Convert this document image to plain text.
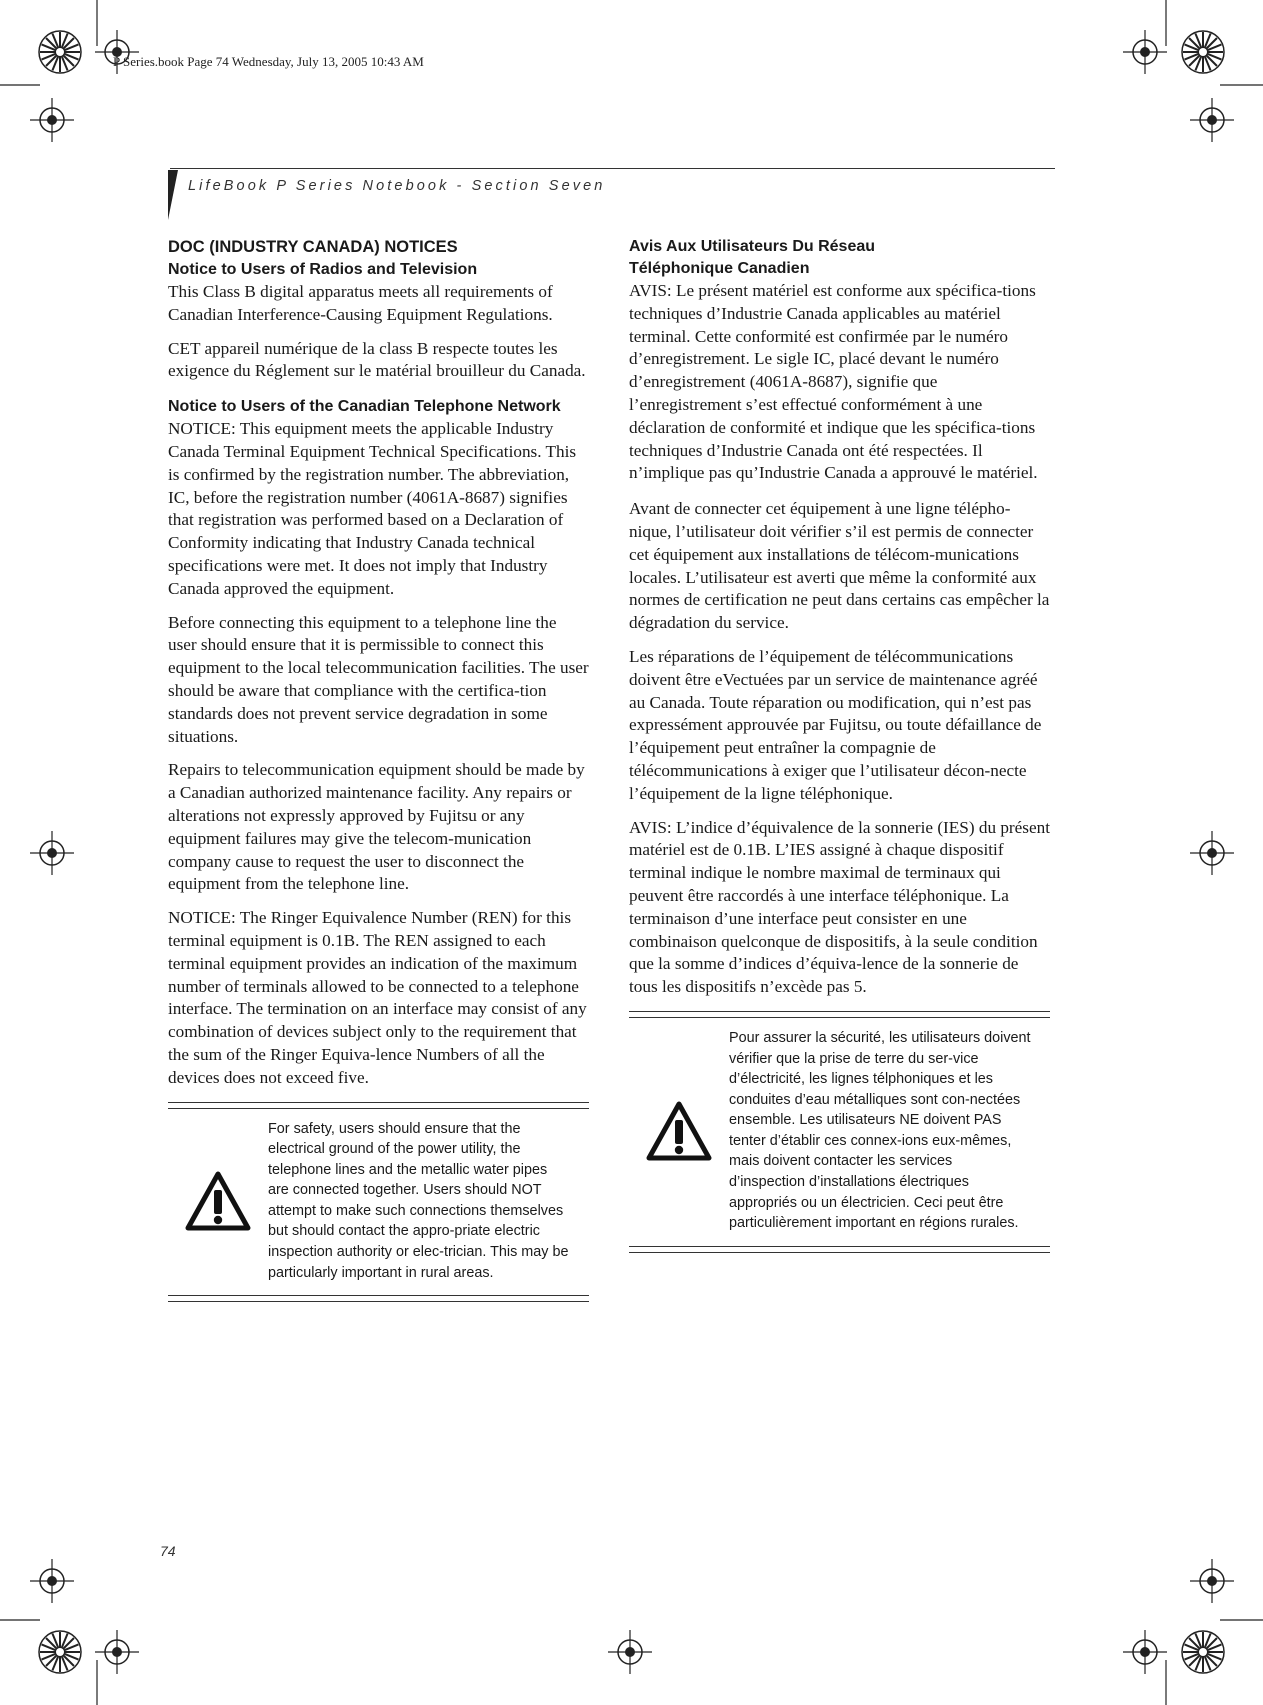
P Series.book Page 74 Wednesday, July 13, 2005 10:43 AM
LifeBook P Series Notebook - Section Seven
DOC (INDUSTRY CANADA) NOTICES
Notice to Users of Radios and Television

This Class B digital apparatus meets all requirements of Canadian Interference-Causing Equipment Regulations.

CET appareil numérique de la class B respecte toutes les exigence du Réglement sur le matérial brouilleur du Canada.

Notice to Users of the Canadian Telephone Network

NOTICE: This equipment meets the applicable Industry Canada Terminal Equipment Technical Specifications. This is confirmed by the registration number. The abbreviation, IC, before the registration number (4061A-8687) signifies that registration was performed based on a Declaration of Conformity indicating that Industry Canada technical specifications were met. It does not imply that Industry Canada approved the equipment.

Before connecting this equipment to a telephone line the user should ensure that it is permissible to connect this equipment to the local telecommunication facilities. The user should be aware that compliance with the certifica-tion standards does not prevent service degradation in some situations.

Repairs to telecommunication equipment should be made by a Canadian authorized maintenance facility. Any repairs or alterations not expressly approved by Fujitsu or any equipment failures may give the telecom-munication company cause to request the user to disconnect the equipment from the telephone line.

NOTICE: The Ringer Equivalence Number (REN) for this terminal equipment is 0.1B. The REN assigned to each terminal equipment provides an indication of the maximum number of terminals allowed to be connected to a telephone interface. The termination on an interface may consist of any combination of devices subject only to the requirement that the sum of the Ringer Equiva-lence Numbers of all the devices does not exceed five.

For safety, users should ensure that the electrical ground of the power utility, the telephone lines and the metallic water pipes are connected together. Users should NOT attempt to make such connections themselves but should contact the appro-priate electric inspection authority or elec-trician. This may be particularly important in rural areas.
Avis Aux Utilisateurs Du Réseau
Téléphonique Canadien

AVIS: Le présent matériel est conforme aux spécifica-tions techniques d’Industrie Canada applicables au matériel terminal. Cette conformité est confirmée par le numéro d’enregistrement. Le sigle IC, placé devant le numéro d’enregistrement (4061A-8687), signifie que l’enregistrement s’est effectué conformément à une déclaration de conformité et indique que les spécifica-tions techniques d’Industrie Canada ont été respectées. Il n’implique pas qu’Industrie Canada a approuvé le matériel.

Avant de connecter cet équipement à une ligne télépho-nique, l’utilisateur doit vérifier s’il est permis de connecter cet équipement aux installations de télécom-munications locales. L’utilisateur est averti que même la conformité aux normes de certification ne peut dans certains cas empêcher la dégradation du service.

Les réparations de l’équipement de télécommunications doivent être eVectuées par un service de maintenance agréé au Canada. Toute réparation ou modification, qui n’est pas expressément approuvée par Fujitsu, ou toute défaillance de l’équipement peut entraîner la compagnie de télécommunications à exiger que l’utilisateur décon-necte l’équipement de la ligne téléphonique.

AVIS: L’indice d’équivalence de la sonnerie (IES) du présent matériel est de 0.1B. L’IES assigné à chaque dispositif terminal indique le nombre maximal de terminaux qui peuvent être raccordés à une interface téléphonique. La terminaison d’une interface peut consister en une combinaison quelconque de dispositifs, à la seule condition que la somme d’indices d’équiva-lence de la sonnerie de tous les dispositifs n’excède pas 5.

Pour assurer la sécurité, les utilisateurs doivent vérifier que la prise de terre du ser-vice d’électricité, les lignes télphoniques et les conduites d’eau métalliques sont con-nectées ensemble. Les utilisateurs NE doivent PAS tenter d’établir ces connex-ions eux-mêmes, mais doivent contacter les services d’inspection d’installations électriques appropriés ou un électricien. Ceci peut être particulièrement important en régions rurales.
74
